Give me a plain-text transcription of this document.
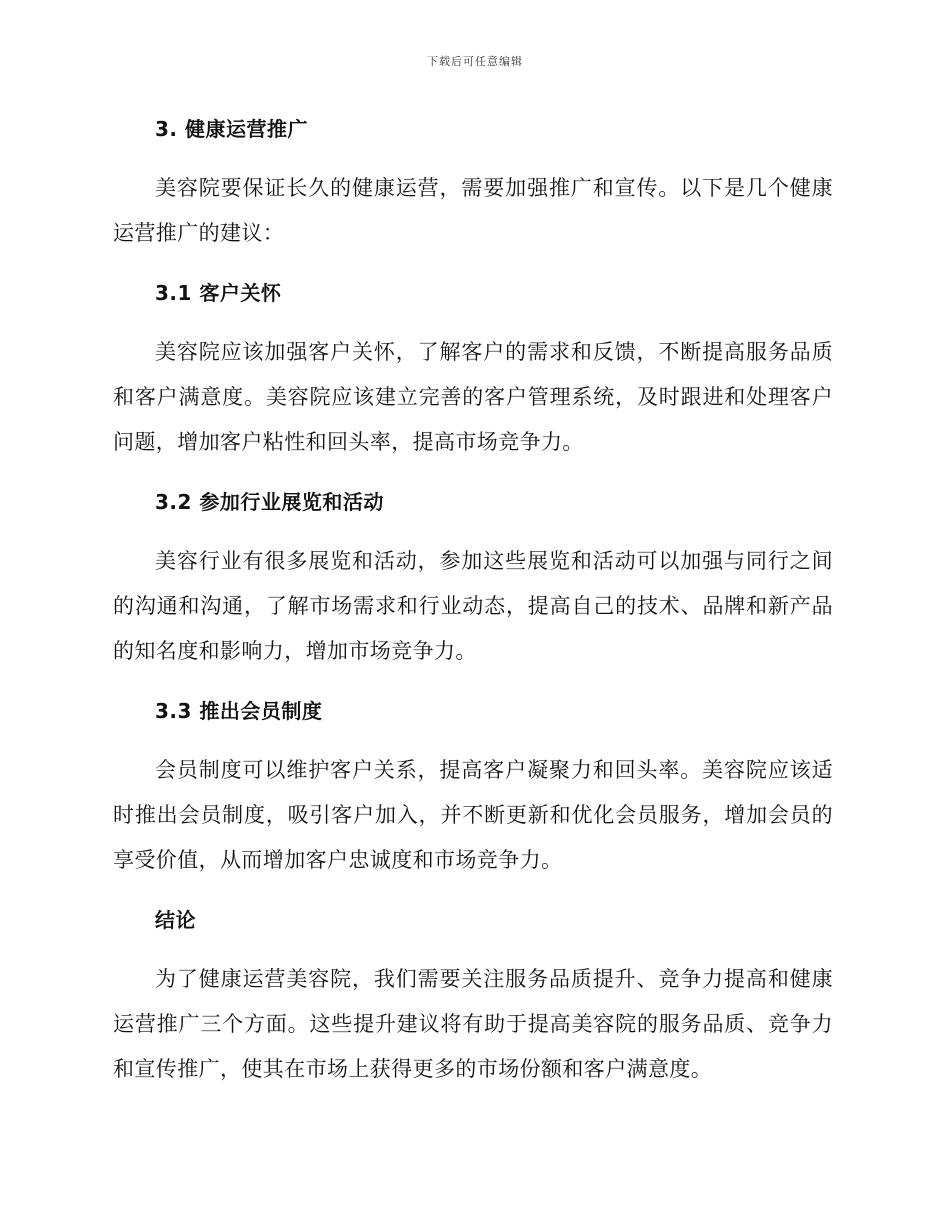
下载后可任意编辑
3. 健康运营推广

美容院要保证长久的健康运营，需要加强推广和宣传。以下是几个健康运营推广的建议：

3.1 客户关怀

美容院应该加强客户关怀，了解客户的需求和反馈，不断提高服务品质和客户满意度。美容院应该建立完善的客户管理系统，及时跟进和处理客户问题，增加客户粘性和回头率，提高市场竞争力。

3.2 参加行业展览和活动

美容行业有很多展览和活动，参加这些展览和活动可以加强与同行之间的沟通和沟通，了解市场需求和行业动态，提高自己的技术、品牌和新产品的知名度和影响力，增加市场竞争力。

3.3 推出会员制度

会员制度可以维护客户关系，提高客户凝聚力和回头率。美容院应该适时推出会员制度，吸引客户加入，并不断更新和优化会员服务，增加会员的享受价值，从而增加客户忠诚度和市场竞争力。

结论

为了健康运营美容院，我们需要关注服务品质提升、竞争力提高和健康运营推广三个方面。这些提升建议将有助于提高美容院的服务品质、竞争力和宣传推广，使其在市场上获得更多的市场份额和客户满意度。
